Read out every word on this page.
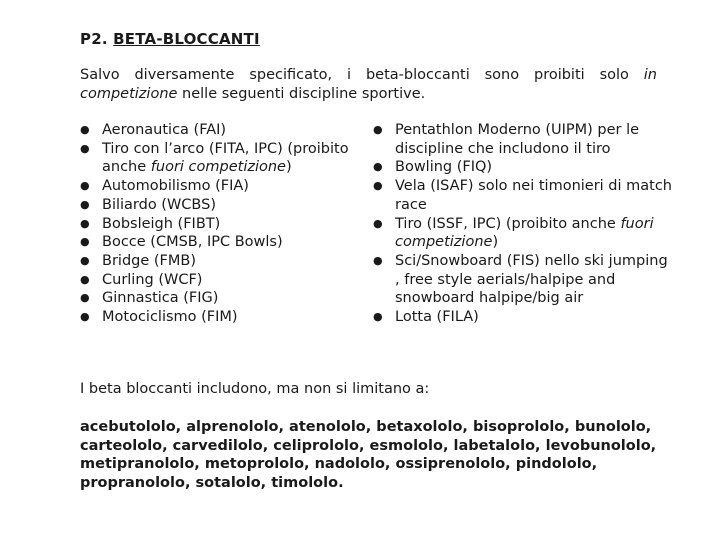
P2. BETA-BLOCCANTI
Salvo diversamente specificato, i beta-bloccanti sono proibiti solo in competizione nelle seguenti discipline sportive.
● Aeronautica (FAI)
● Tiro con l’arco (FITA, IPC) (proibito anche fuori competizione)
● Automobilismo (FIA)
● Biliardo (WCBS)
● Bobsleigh (FIBT)
● Bocce (CMSB, IPC Bowls)
● Bridge (FMB)
● Curling (WCF)
● Ginnastica (FIG)
● Motociclismo (FIM)
● Pentathlon Moderno (UIPM) per le discipline che includono il tiro
● Bowling (FIQ)
● Vela (ISAF) solo nei timonieri di match race
● Tiro (ISSF, IPC) (proibito anche fuori competizione)
● Sci/Snowboard (FIS) nello ski jumping , free style aerials/halpipe and snowboard halpipe/big air
● Lotta (FILA)
I beta bloccanti includono, ma non si limitano a:
acebutololo, alprenololo, atenololo, betaxololo, bisoprololo, bunololo, carteololo, carvedilolo, celiprololo, esmololo, labetalolo, levobunololo, metipranololo, metoprololo, nadololo, ossiprenololo, pindololo, propranololo, sotalolo, timololo.
